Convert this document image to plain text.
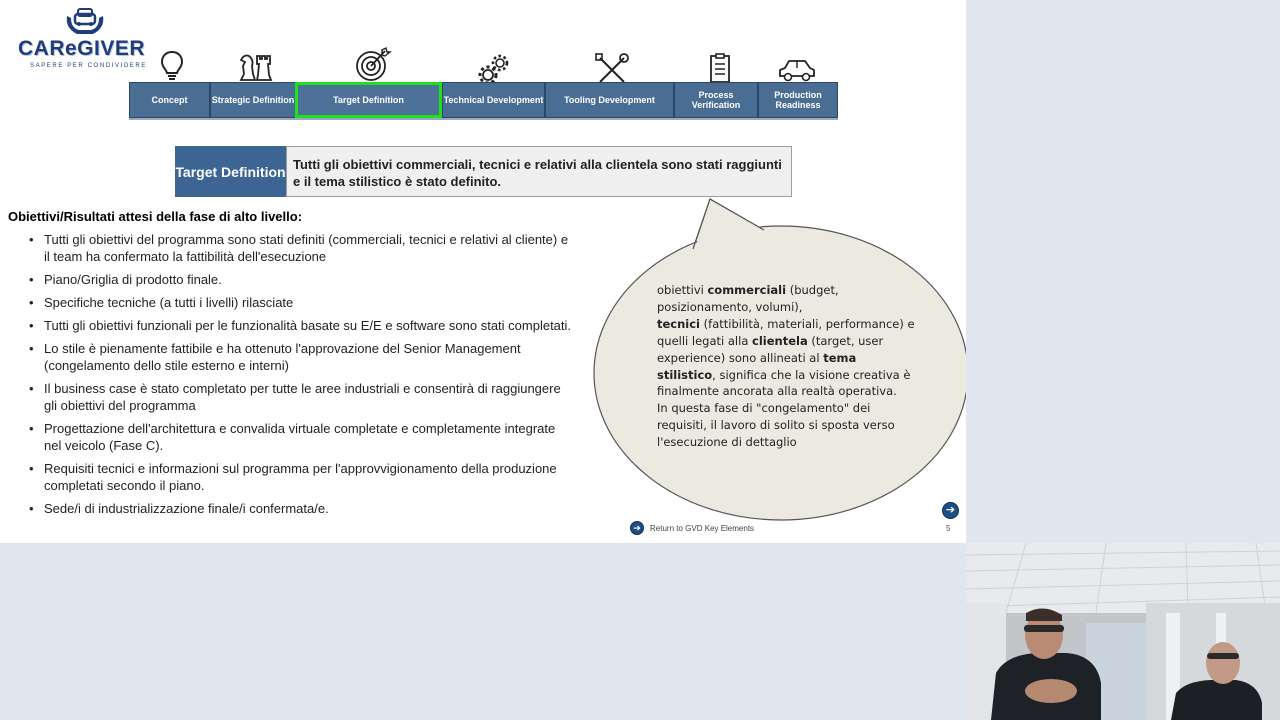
CAReGIVER
SAPERE PER CONDIVIDERE
Concept	Strategic Definition	Target Definition	Technical Development	Tooling Development	Process Verification
Production Readiness
Target Definition Tutti gli obiettivi commerciali, tecnici e relativi alla clientela sono stati raggiunti e il tema stilistico è stato definito.
Obiettivi/Risultati attesi della fase di alto livello:
• Tutti gli obiettivi del programma sono stati definiti (commerciali, tecnici e relativi al cliente) e il team ha confermato la fattibilità dell'esecuzione
• Piano/Griglia di prodotto finale.
• Specifiche tecniche (a tutti i livelli) rilasciate
• Tutti gli obiettivi funzionali per le funzionalità basate su E/E e software sono stati completati.
• Lo stile è pienamente fattibile e ha ottenuto l'approvazione del Senior Management (congelamento dello stile esterno e interni)
• Il business case è stato completato per tutte le aree industriali e consentirà di raggiungere gli obiettivi del programma
• Progettazione dell'architettura e convalida virtuale completate e completamente integrate nel veicolo (Fase C).
• Requisiti tecnici e informazioni sul programma per l'approvvigionamento della produzione completati secondo il piano.
• Sede/i di industrializzazione finale/i confermata/e.
obiettivi commerciali (budget, posizionamento, volumi),
tecnici (fattibilità, materiali, performance) e quelli legati alla clientela (target, user experience) sono allineati al tema stilistico, significa che la visione creativa è finalmente ancorata alla realtà operativa.
In questa fase di "congelamento" dei requisiti, il lavoro di solito si sposta verso l'esecuzione di dettaglio
➔	Return to GVD Key Elements
➔
5
